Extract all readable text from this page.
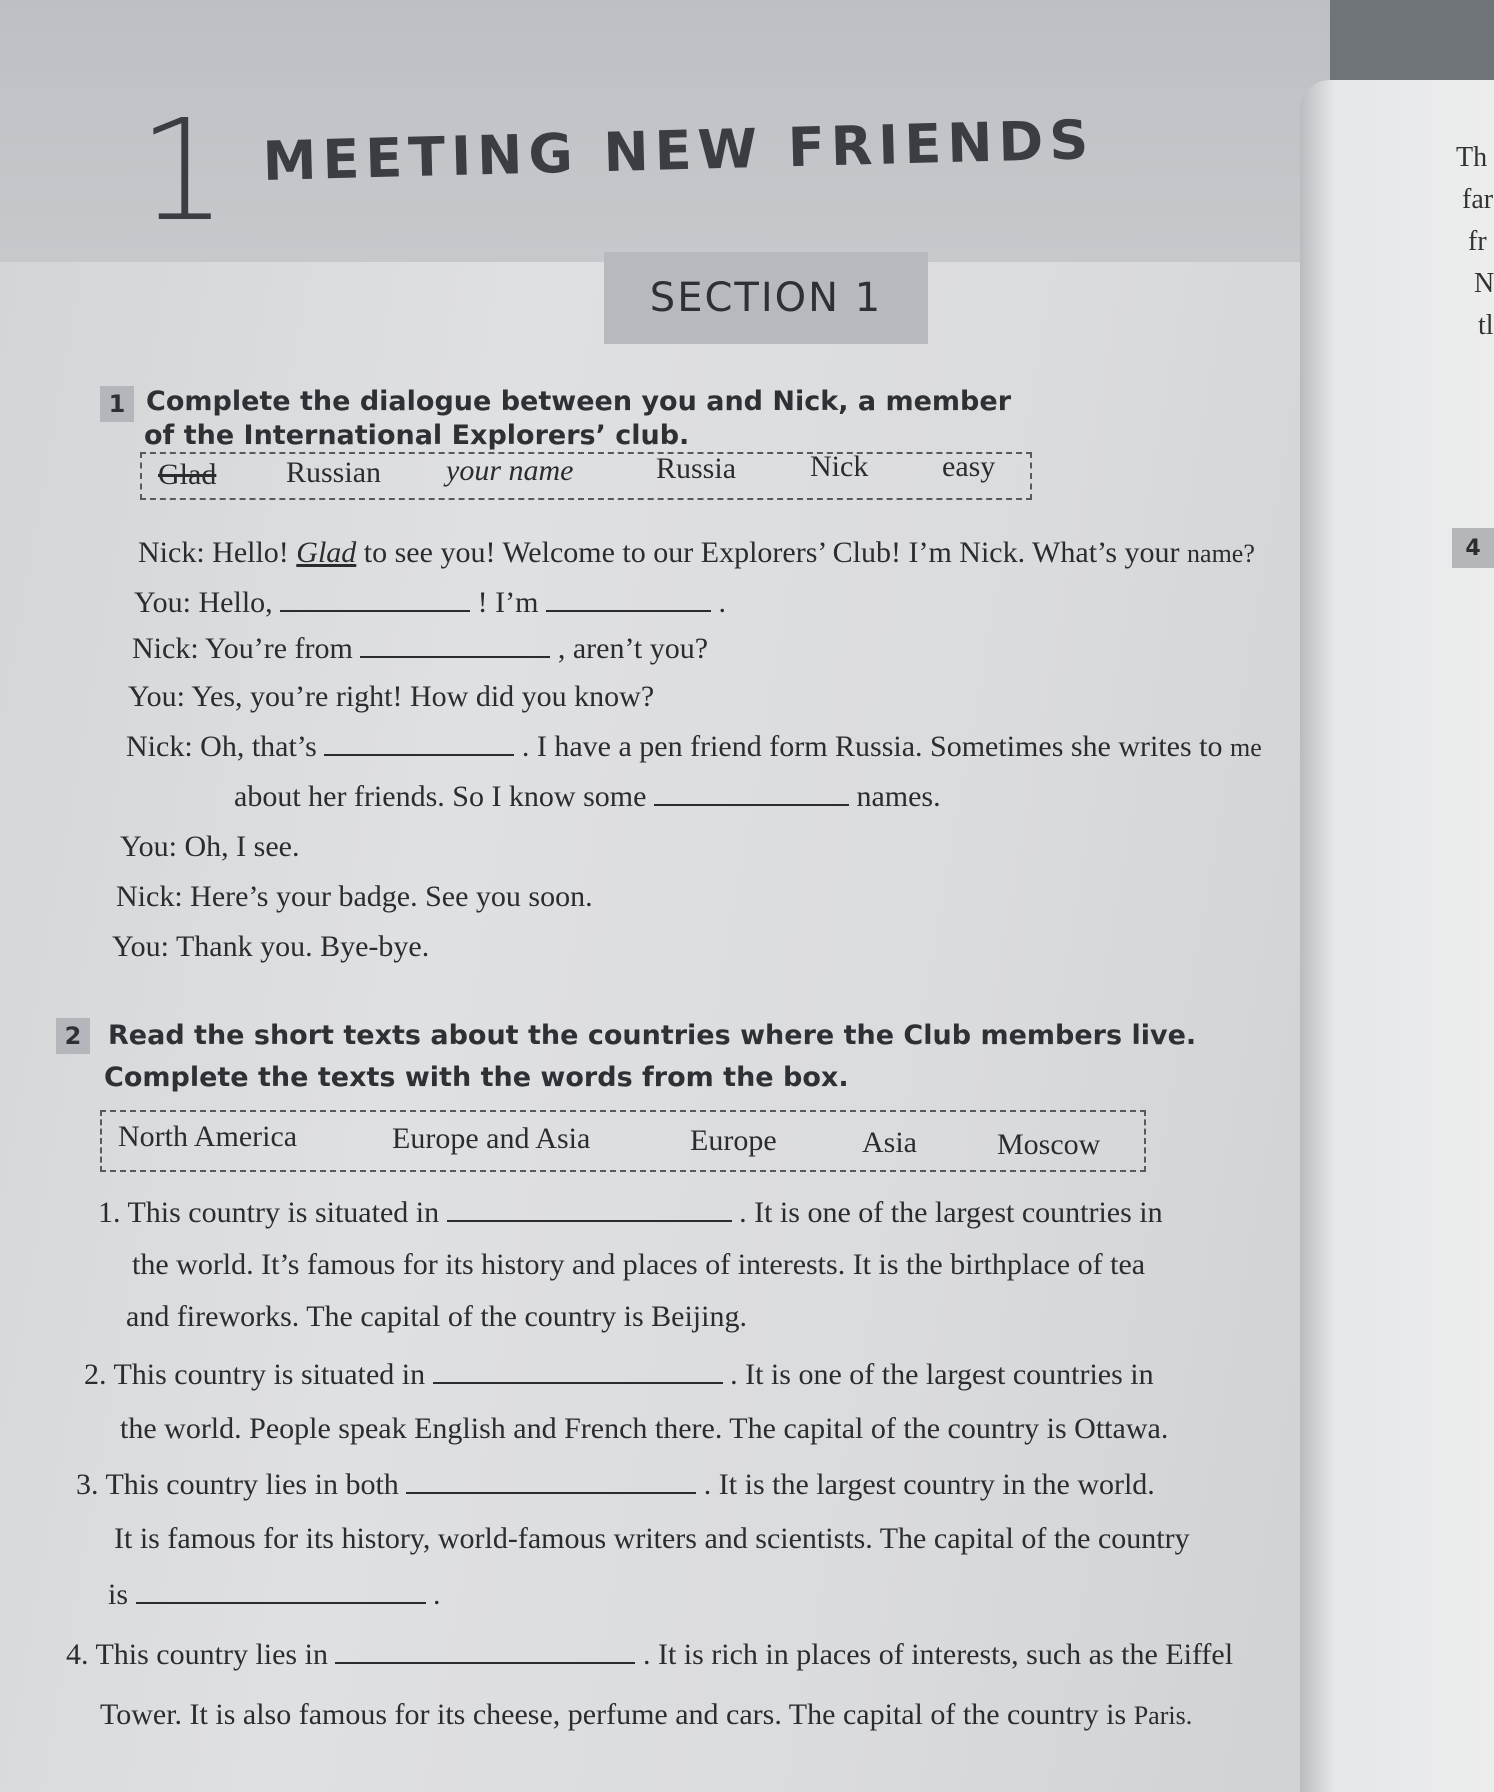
1 MEETING NEW FRIENDS
SECTION 1
1 Complete the dialogue between you and Nick, a member
of the International Explorers’ club.
Glad Russian your name	Russia Nick easy
Nick: Hello! Glad to see you! Welcome to our Explorers’ Club! I’m Nick. What’s your name?
You: Hello,	! I’m	.
Nick: You’re from	, aren’t you?
You: Yes, you’re right! How did you know?
Nick: Oh, that’s	. I have a pen friend form Russia. Sometimes she writes to me
about her friends. So I know some	names.
You: Oh, I see.
Nick: Here’s your badge. See you soon.
You: Thank you. Bye-bye.
2 Read the short texts about the countries where the Club members live.
Complete the texts with the words from the box.
North America	Europe and Asia	Europe	Asia	Moscow
1. This country is situated in	. It is one of the largest countries in
the world. It’s famous for its history and places of interests. It is the birthplace of tea
and fireworks. The capital of the country is Beijing.
2. This country is situated in	. It is one of the largest countries in
the world. People speak English and French there. The capital of the country is Ottawa.
3. This country lies in both	. It is the largest country in the world.
It is famous for its history, world-famous writers and scientists. The capital of the country
is	.
4. This country lies in	. It is rich in places of interests, such as the Eiffel
Tower. It is also famous for its cheese, perfume and cars. The capital of the country is Paris.
Th
far
fr
N
tl
4
